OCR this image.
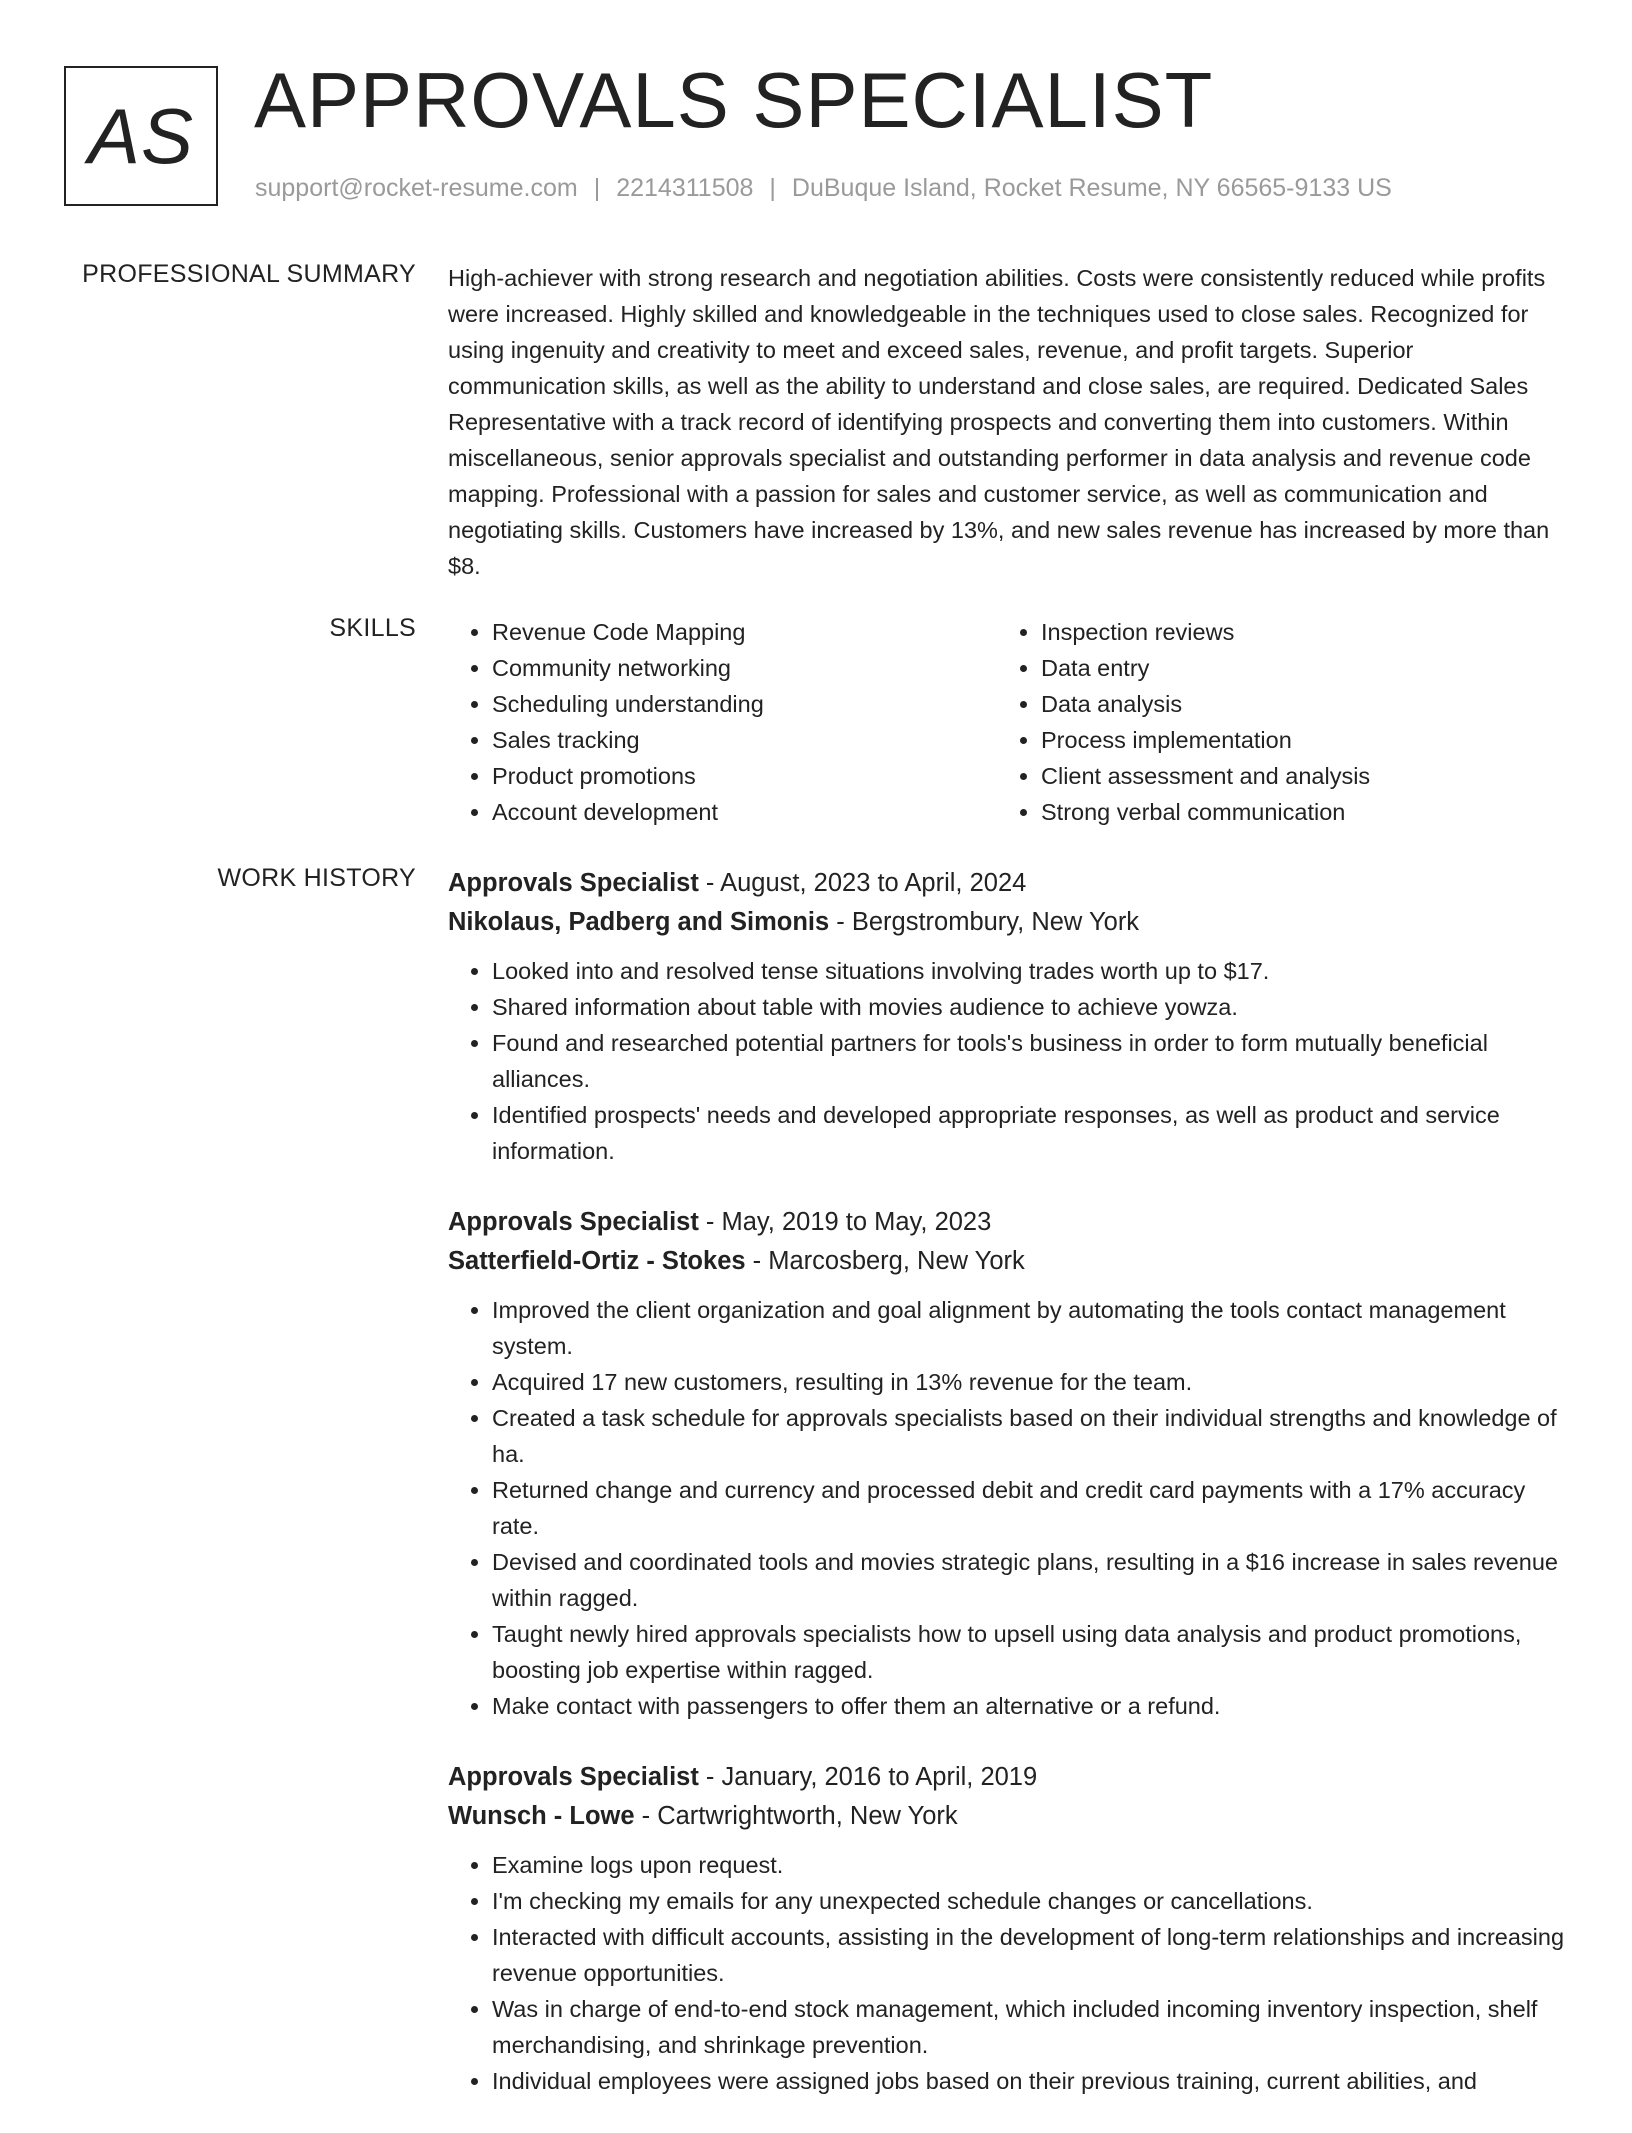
AS APPROVALS SPECIALIST
support@rocket-resume.com | 2214311508 | DuBuque Island, Rocket Resume, NY 66565-9133 US
PROFESSIONAL SUMMARY High-achiever with strong research and negotiation abilities. Costs were consistently reduced while profits were increased. Highly skilled and knowledgeable in the techniques used to close sales. Recognized for using ingenuity and creativity to meet and exceed sales, revenue, and profit targets. Superior communication skills, as well as the ability to understand and close sales, are required. Dedicated Sales Representative with a track record of identifying prospects and converting them into customers. Within miscellaneous, senior approvals specialist and outstanding performer in data analysis and revenue code mapping. Professional with a passion for sales and customer service, as well as communication and negotiating skills. Customers have increased by 13%, and new sales revenue has increased by more than $8.

SKILLS
•	Revenue Code Mapping
• Community networking
• Scheduling understanding
• Sales tracking
• Product promotions
• Account development
• Inspection reviews
• Data entry
• Data analysis
• Process implementation
• Client assessment and analysis
• Strong verbal communication
WORK HISTORY Approvals Specialist - August, 2023 to April, 2024
Nikolaus, Padberg and Simonis - Bergstrombury, New York
• Looked into and resolved tense situations involving trades worth up to $17.
• Shared information about table with movies audience to achieve yowza.
• Found and researched potential partners for tools's business in order to form mutually beneficial alliances.
• Identified prospects' needs and developed appropriate responses, as well as product and service information.
Approvals Specialist - May, 2019 to May, 2023
Satterfield-Ortiz - Stokes - Marcosberg, New York
• Improved the client organization and goal alignment by automating the tools contact management system.
• Acquired 17 new customers, resulting in 13% revenue for the team.
• Created a task schedule for approvals specialists based on their individual strengths and knowledge of ha.
• Returned change and currency and processed debit and credit card payments with a 17% accuracy rate.
• Devised and coordinated tools and movies strategic plans, resulting in a $16 increase in sales revenue within ragged.
• Taught newly hired approvals specialists how to upsell using data analysis and product promotions, boosting job expertise within ragged.
• Make contact with passengers to offer them an alternative or a refund.
Approvals Specialist - January, 2016 to April, 2019
Wunsch - Lowe - Cartwrightworth, New York
• Examine logs upon request.
• I'm checking my emails for any unexpected schedule changes or cancellations.
• Interacted with difficult accounts, assisting in the development of long-term relationships and increasing revenue opportunities.
• Was in charge of end-to-end stock management, which included incoming inventory inspection, shelf merchandising, and shrinkage prevention.
• Individual employees were assigned jobs based on their previous training, current abilities, and
